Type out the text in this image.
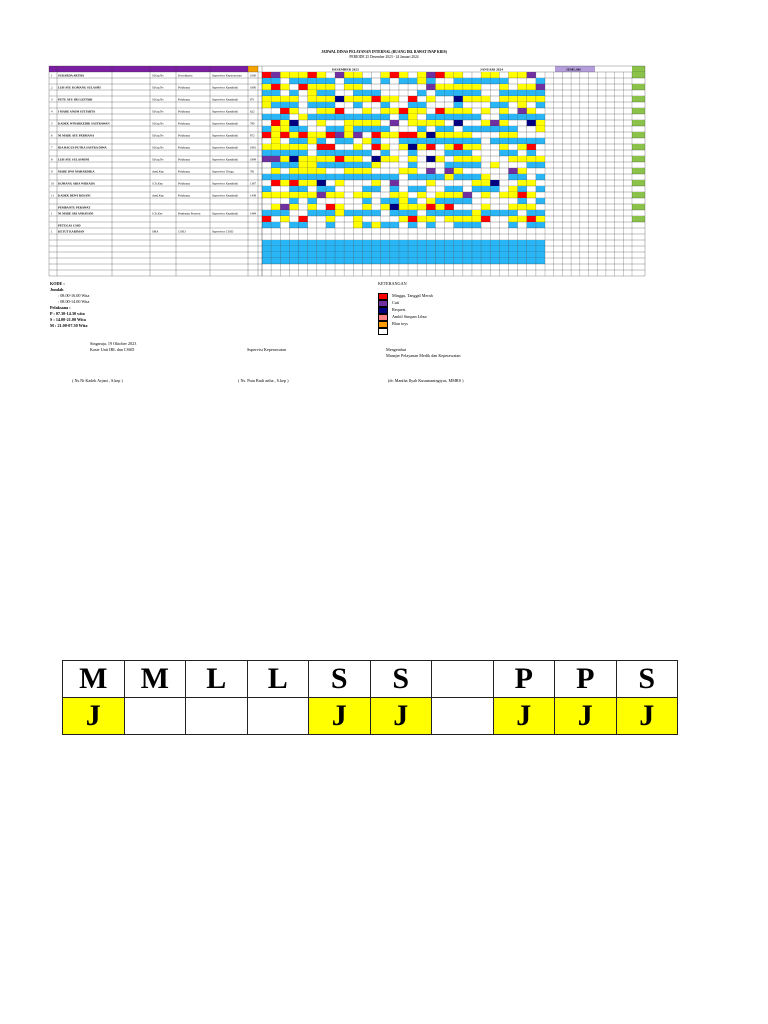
JADWAL DINAS PELAYANAN INTERNAL (RUANG IRL RAWAT INAP KRIS)
PERIODE 25 Desember 2023 - 24 Januari 2024
DESEMBER 2023	JANUARI 2024	JUMLAH
1 SUKARDA ARTHA	S.Kep.Ns	Koordinator	Supervisor Keperawatan	1000
2 LUH AYU KOMANG SULASMI	S.Kep.Ns	Pelaksana	Supervisor Kamitindi	1800
3 PUTU AYU SRI LESTARI	S.Kep.Ns	Pelaksana	Supervisor Kamitindi	871
4 I MADE ANOM SUTIARTA	S.Kep.Ns	Pelaksana	Supervisor Kamitindi	622
5 KADEK WINARKEDIK SASTRAWAN	S.Kep.Ns	Pelaksana	Supervisor Kamitindi	780
6 NI MADE AYU PERMANA	S.Kep.Ns	Pelaksana	Supervisor Kamitindi	872
7 IDA BAGUS PUTRA SASTRA DIWA	S.Kep.Ns	Pelaksana	Supervisor Kamitindi	1891
8 LUH AYU SULASMINI	S.Kep.Ns	Pelaksana	Supervisor Kamitindi	1899
9 MADE DWI MAHARDIKA	Amd.Kep	Pelaksana	Supervisor Telaga	781
10 KOMANG ARIA WIDIADA	S.Tr.Kep	Pelaksana	Supervisor Kamitindi	1367
11 KADEK DEWI ROSANI	Amd.Kep	Pelaksana	Supervisor Kamitindi	1438
PEMBANTU PERAWAT
1 NI MADE SRI ANDAYANI	S.Tr.Kes	Pembantu Perawat	Supervisor Kamitindi	1484
PETUGAS CSSD
1 KETUT KARIMAN	SMA	CSSD	Supervisor CSSD
KODE :
Jumlah
: 08.00-16.00 Wita
: 08.00-14.00 Wita
Pelaksana :
P : 07.30-14.30 wita
S : 14.00-21.00 Wita
M : 21.00-07.30 Wita
KETERANGAN
Minggu, Tanggal Merah
Cuti
Request
Ambil Simpan Libur
Blan toys
Singaraja, 19 Oktober 2023
Kasie Unit IRL dan CSSD	Supervisi Keperawatan	Mengetahui
Manajer Pelayanan Medik dan Keperawatan
( Ns.Ni Kadek Arjani , S.kep )	( Ns. Putu Budi artha , S.kep )	(dr. Mantha Ilyah Kusumaningtyas, MMRS )
M	M	L	L	S	S		P	P	S
J				J	J		J	J	J
